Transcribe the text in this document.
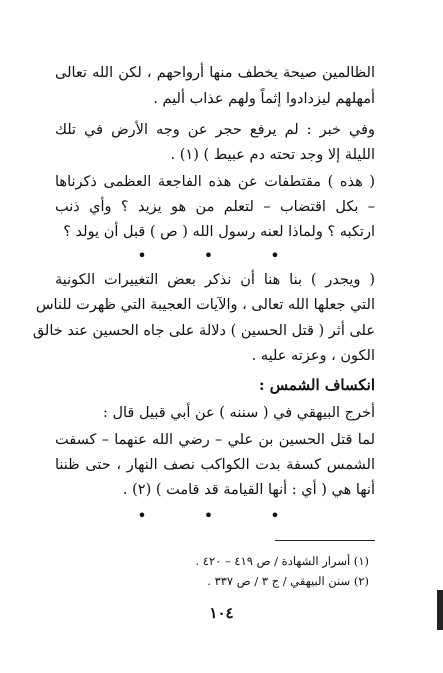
الظالمين صيحة يخطف منها أرواحهم ، لكن الله تعالى
أمهلهم ليزدادوا إثماً ولهم عذاب أليم .
وفي خبر : لم يرفع حجر عن وجه الأرض في تلك
الليلة إلا وجد تحته دم عبيط ) (١) .
( هذه ) مقتطفات عن هذه الفاجعة العظمى ذكرناها
– بكل اقتضاب – لتعلم من هو يزيد ؟ وأي ذنب
ارتكبه ؟ ولماذا لعنه رسول الله ( ص ) قبل أن يولد ؟
• • •
( ويجدر ) بنا هنا أن نذكر بعض التغييرات الكونية
التي جعلها الله تعالى ، والآيات العجيبة التي ظهرت للناس
على أثر ( قتل الحسين ) دلالة على جاه الحسين عند خالق
الكون ، وعزته عليه .
انكساف الشمس :
أخرج البيهقي في ( سننه ) عن أبي قبيل قال :
لما قتل الحسين بن علي – رضي الله عنهما – كسفت
الشمس كسفة بدت الكواكب نصف النهار ، حتى ظننا
أنها هي ( أي : أنها القيامة قد قامت ) (٢) .
• • •
(١) أسرار الشهادة / ص ٤١٩ – ٤٢٠ .
(٢) سنن البيهقي / ج ٣ / ص ٣٣٧ .
١٠٤
